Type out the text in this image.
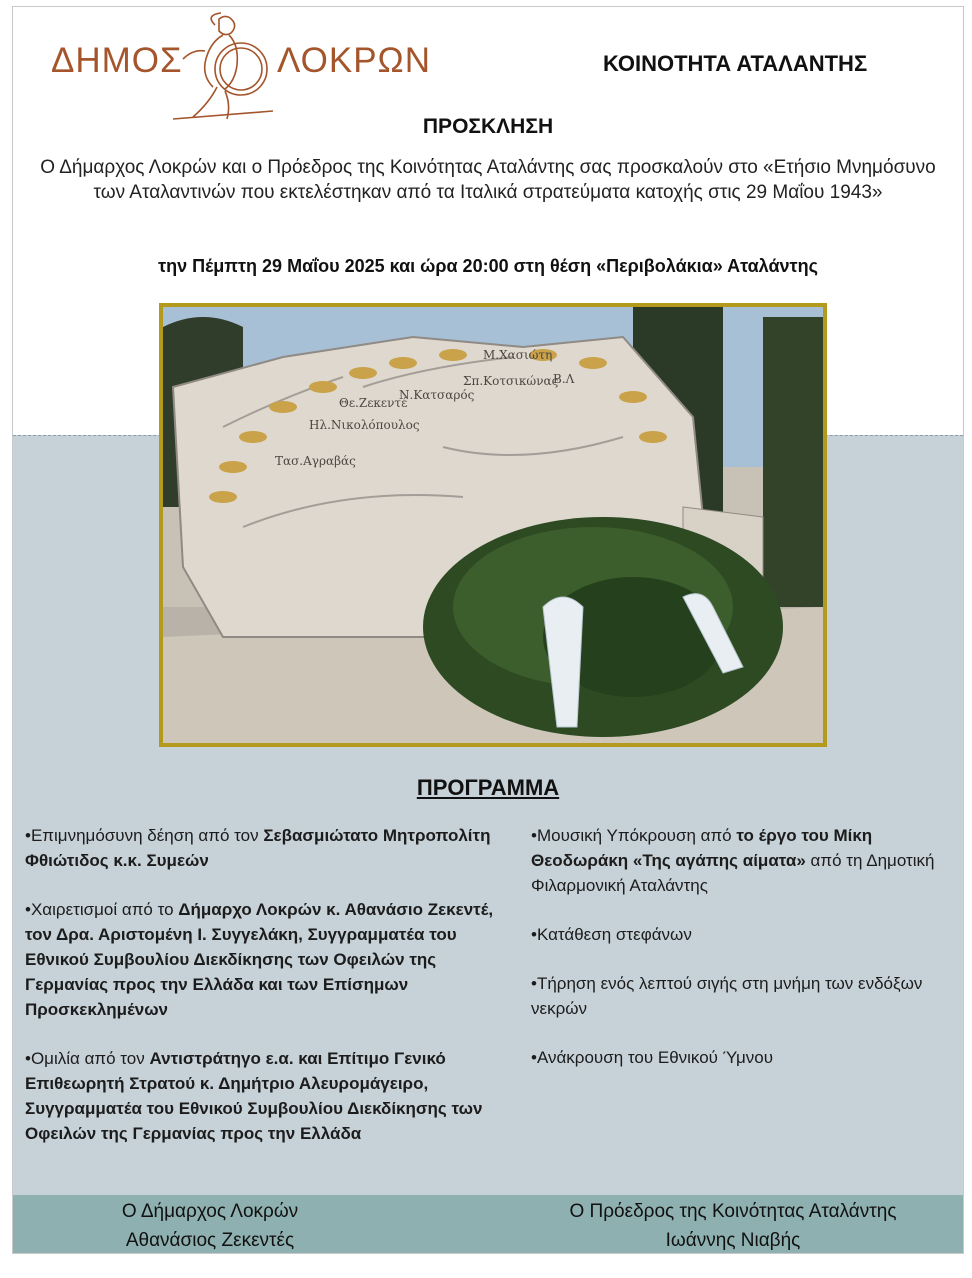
ΔΗΜΟΣ	ΛΟΚΡΩΝ	ΚΟΙΝΟΤΗΤΑ ΑΤΑΛΑΝΤΗΣ
ΠΡΟΣΚΛΗΣΗ
Ο Δήμαρχος Λοκρών και ο Πρόεδρος της Κοινότητας Αταλάντης σας προσκαλούν στο «Ετήσιο Μνημόσυνο των Αταλαντινών που εκτελέστηκαν από τα Ιταλικά στρατεύματα κατοχής στις 29 Μαΐου 1943»
την Πέμπτη 29 Μαΐου 2025 και ώρα 20:00 στη θέση «Περιβολάκια» Αταλάντης
Μ.Χασιώτη
Σπ.Κοτσικώνας
Β.Λ
Θε.Ζεκεντέ
Ν.Κατσαρός
Ηλ.Νικολόπουλος
Τασ.Αγραβάς
ΠΡΟΓΡΑΜΜΑ
•Επιμνημόσυνη δέηση από τον Σεβασμιώτατο Μητροπολίτη Φθιώτιδος κ.κ. Συμεών
•Χαιρετισμοί από το Δήμαρχο Λοκρών κ. Αθανάσιο Ζεκεντέ, τον Δρα. Αριστομένη Ι. Συγγελάκη, Συγγραμματέα του Εθνικού Συμβουλίου Διεκδίκησης των Οφειλών της Γερμανίας προς την Ελλάδα και των Επίσημων Προσκεκλημένων
•Ομιλία από τον Αντιστράτηγο ε.α. και Επίτιμο Γενικό Επιθεωρητή Στρατού κ. Δημήτριο Αλευρομάγειρο, Συγγραμματέα του Εθνικού Συμβουλίου Διεκδίκησης των Οφειλών της Γερμανίας προς την Ελλάδα
•Μουσική Υπόκρουση από το έργο του Μίκη Θεοδωράκη «Της αγάπης αίματα» από τη Δημοτική Φιλαρμονική Αταλάντης
•Κατάθεση στεφάνων
•Τήρηση ενός λεπτού σιγής στη μνήμη των ενδόξων νεκρών
•Ανάκρουση του Εθνικού Ύμνου
Ο Δήμαρχος Λοκρών
Αθανάσιος Ζεκεντές
Ο Πρόεδρος της Κοινότητας Αταλάντης
Ιωάννης Νιαβής
